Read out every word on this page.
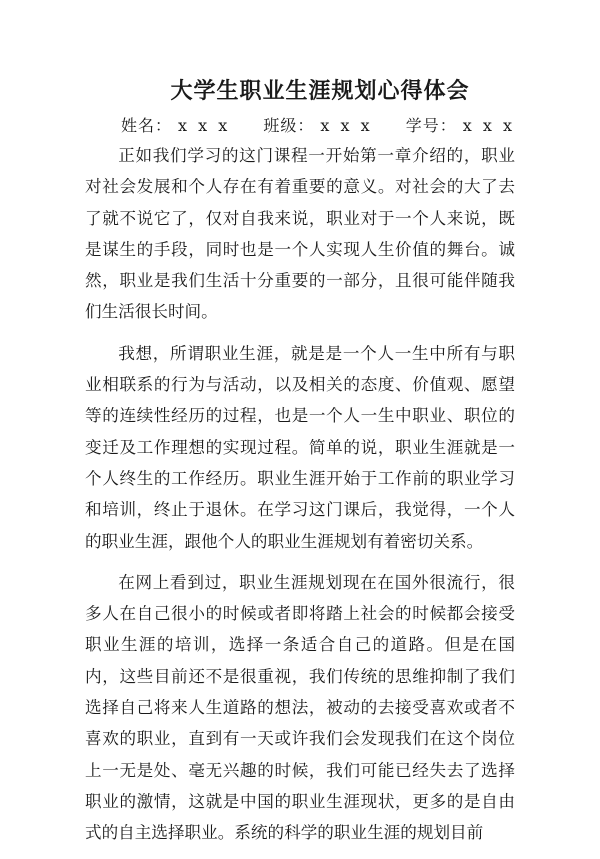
大学生职业生涯规划心得体会
姓名： x x x 班级： x x x 学号： x x x

正如我们学习的这门课程一开始第一章介绍的，职业对社会发展和个人存在有着重要的意义。对社会的大了去了就不说它了，仅对自我来说，职业对于一个人来说，既是谋生的手段，同时也是一个人实现人生价值的舞台。诚然，职业是我们生活十分重要的一部分，且很可能伴随我们生活很长时间。

我想，所谓职业生涯，就是是一个人一生中所有与职业相联系的行为与活动，以及相关的态度、价值观、愿望等的连续性经历的过程，也是一个人一生中职业、职位的变迁及工作理想的实现过程。简单的说，职业生涯就是一个人终生的工作经历。职业生涯开始于工作前的职业学习和培训，终止于退休。在学习这门课后，我觉得，一个人的职业生涯，跟他个人的职业生涯规划有着密切关系。

在网上看到过，职业生涯规划现在在国外很流行，很多人在自己很小的时候或者即将踏上社会的时候都会接受职业生涯的培训，选择一条适合自己的道路。但是在国内，这些目前还不是很重视，我们传统的思维抑制了我们选择自己将来人生道路的想法，被动的去接受喜欢或者不喜欢的职业，直到有一天或许我们会发现我们在这个岗位上一无是处、毫无兴趣的时候，我们可能已经失去了选择职业的激情，这就是中国的职业生涯现状，更多的是自由式的自主选择职业。系统的科学的职业生涯的规划目前
